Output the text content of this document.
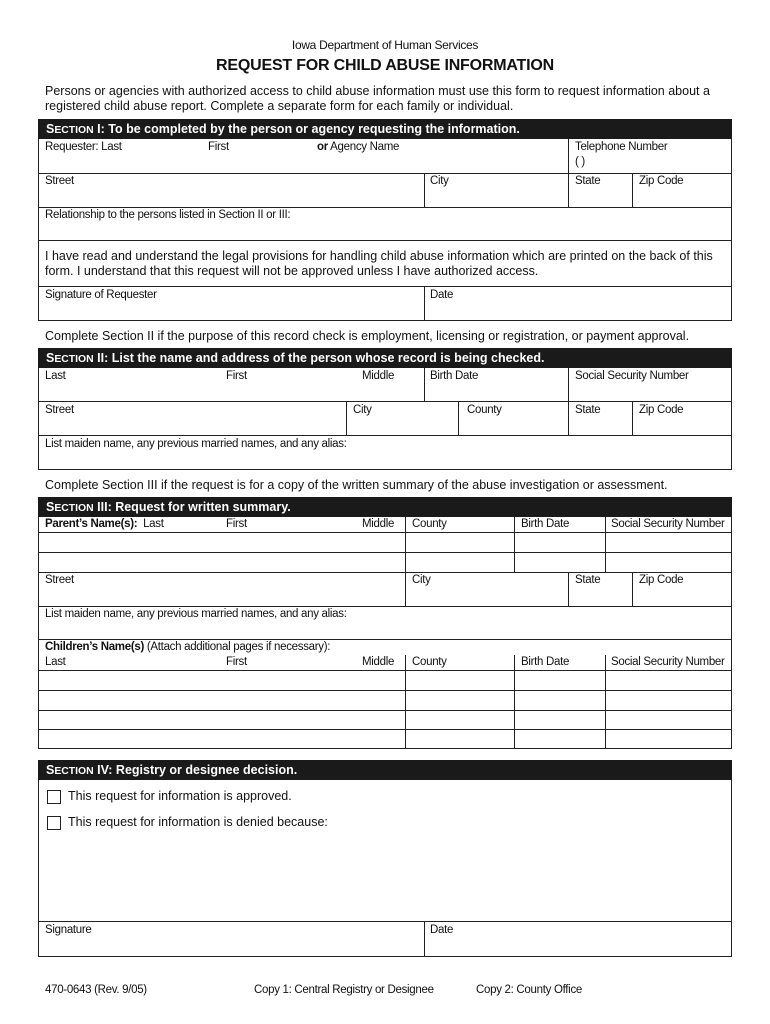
Iowa Department of Human Services
REQUEST FOR CHILD ABUSE INFORMATION
Persons or agencies with authorized access to child abuse information must use this form to request information about a registered child abuse report. Complete a separate form for each family or individual.
SECTION I: To be completed by the person or agency requesting the information.
Requester: Last	First	or Agency Name	Telephone Number
( )
Street	City	State	Zip Code
Relationship to the persons listed in Section II or III:
I have read and understand the legal provisions for handling child abuse information which are printed on the back of this form. I understand that this request will not be approved unless I have authorized access.
Signature of Requester	Date
Complete Section II if the purpose of this record check is employment, licensing or registration, or payment approval.
SECTION II: List the name and address of the person whose record is being checked.
Last	First	Middle	Birth Date	Social Security Number
Street	City	County	State	Zip Code
List maiden name, any previous married names, and any alias:
Complete Section III if the request is for a copy of the written summary of the abuse investigation or assessment.
SECTION III: Request for written summary.
Parent’s Name(s): Last	First	Middle County	Birth Date	Social Security Number
Street	City	State	Zip Code
List maiden name, any previous married names, and any alias:
Children’s Name(s) (Attach additional pages if necessary):
Last	First	Middle County	Birth Date	Social Security Number
SECTION IV: Registry or designee decision.
This request for information is approved.
This request for information is denied because:
Signature	Date
470-0643 (Rev. 9/05)	Copy 1: Central Registry or Designee	Copy 2: County Office
